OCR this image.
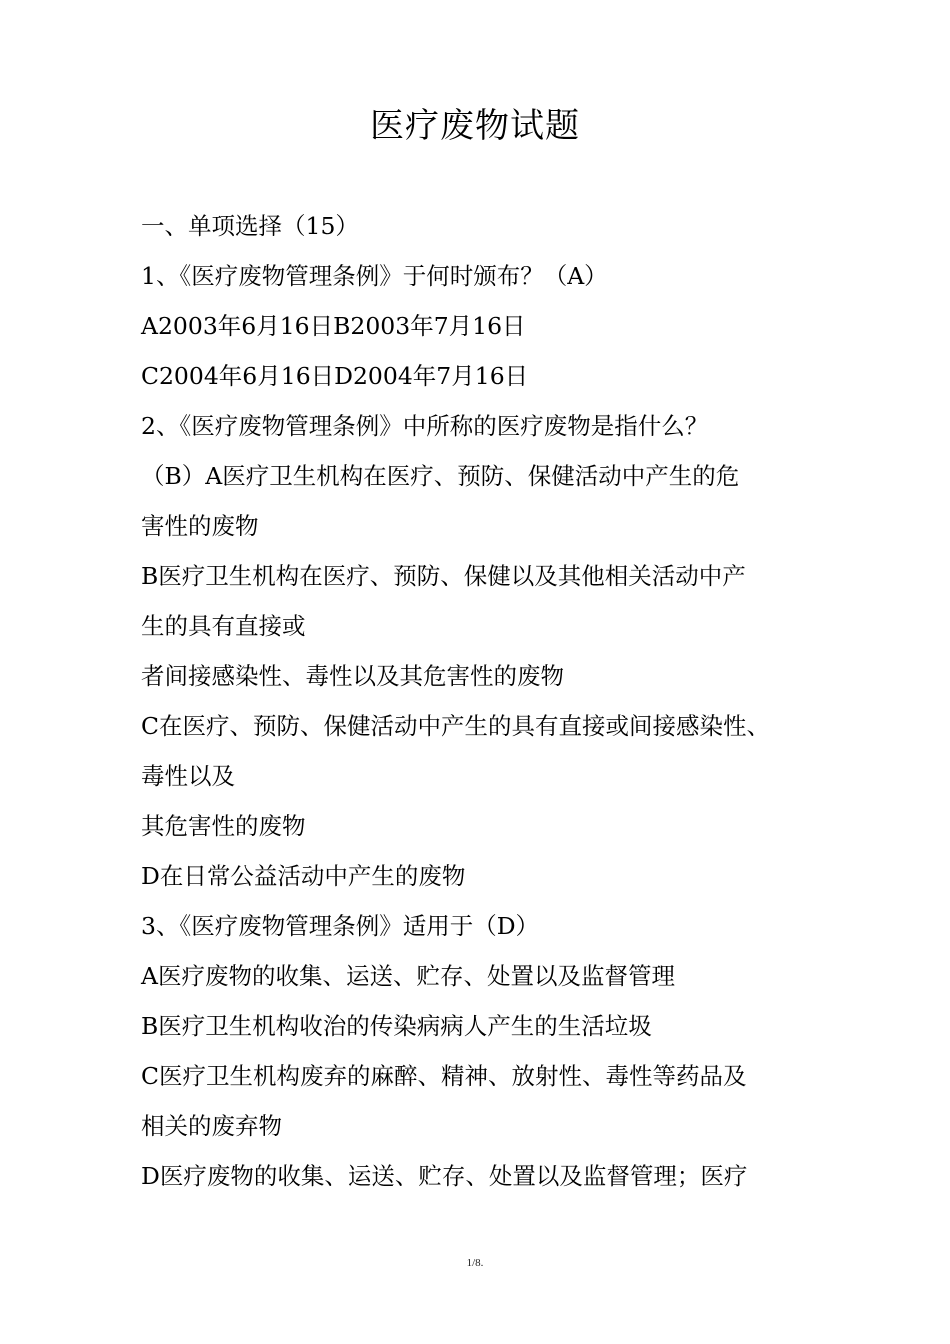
医疗废物试题
一、单项选择（15）
1、《医疗废物管理条例》于何时颁布？（A）
A2003年6月16日B2003年7月16日
C2004年6月16日D2004年7月16日
2、《医疗废物管理条例》中所称的医疗废物是指什么？
（B）A医疗卫生机构在医疗、预防、保健活动中产生的危
害性的废物
B医疗卫生机构在医疗、预防、保健以及其他相关活动中产
生的具有直接或
者间接感染性、毒性以及其危害性的废物
C在医疗、预防、保健活动中产生的具有直接或间接感染性、
毒性以及
其危害性的废物
D在日常公益活动中产生的废物
3、《医疗废物管理条例》适用于（D）
A医疗废物的收集、运送、贮存、处置以及监督管理
B医疗卫生机构收治的传染病病人产生的生活垃圾
C医疗卫生机构废弃的麻醉、精神、放射性、毒性等药品及
相关的废弃物
D医疗废物的收集、运送、贮存、处置以及监督管理；医疗
1/8.
